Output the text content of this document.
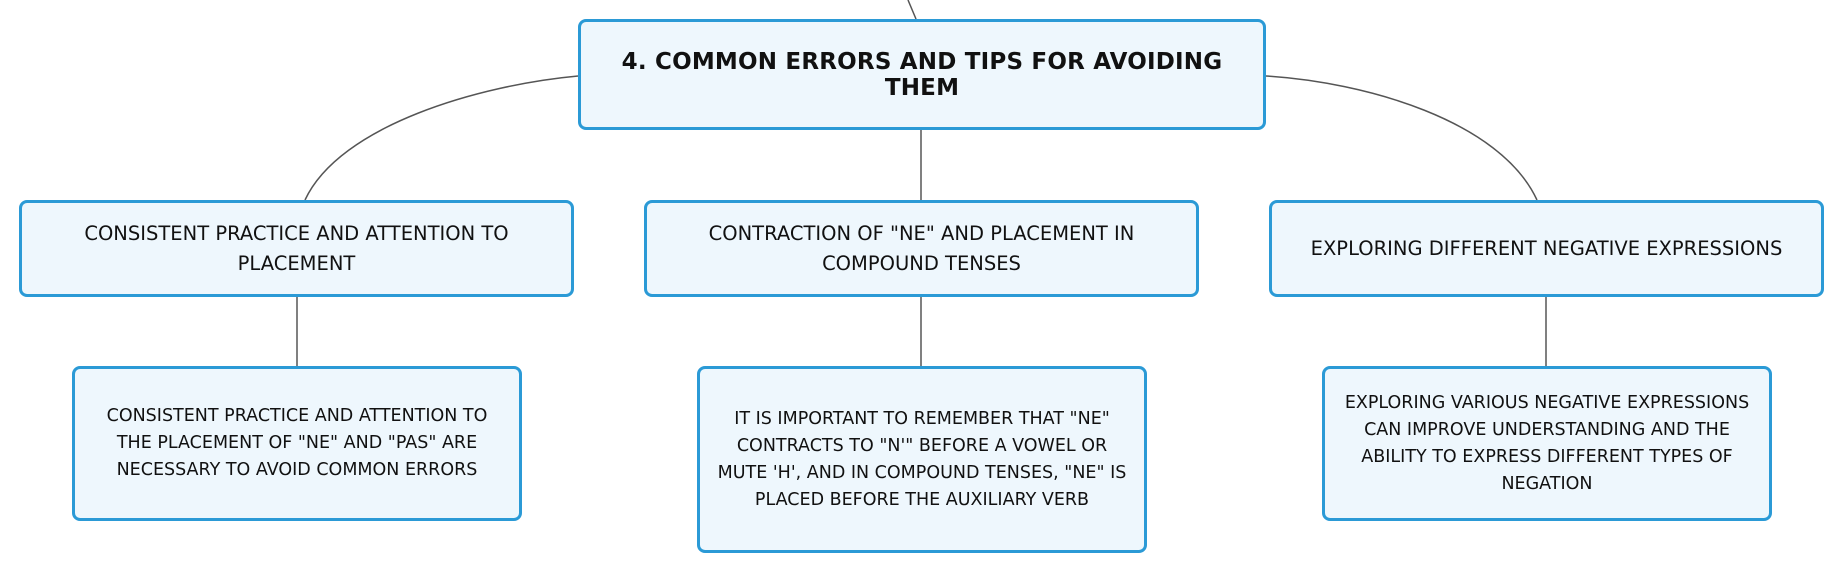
4. COMMON ERRORS AND TIPS FOR AVOIDING THEM
CONSISTENT PRACTICE AND ATTENTION TO PLACEMENT
CONTRACTION OF "NE" AND PLACEMENT IN COMPOUND TENSES
EXPLORING DIFFERENT NEGATIVE EXPRESSIONS
CONSISTENT PRACTICE AND ATTENTION TO THE PLACEMENT OF "NE" AND "PAS" ARE NECESSARY TO AVOID COMMON ERRORS
IT IS IMPORTANT TO REMEMBER THAT "NE" CONTRACTS TO "N'" BEFORE A VOWEL OR MUTE 'H', AND IN COMPOUND TENSES, "NE" IS PLACED BEFORE THE AUXILIARY VERB
EXPLORING VARIOUS NEGATIVE EXPRESSIONS CAN IMPROVE UNDERSTANDING AND THE ABILITY TO EXPRESS DIFFERENT TYPES OF NEGATION
